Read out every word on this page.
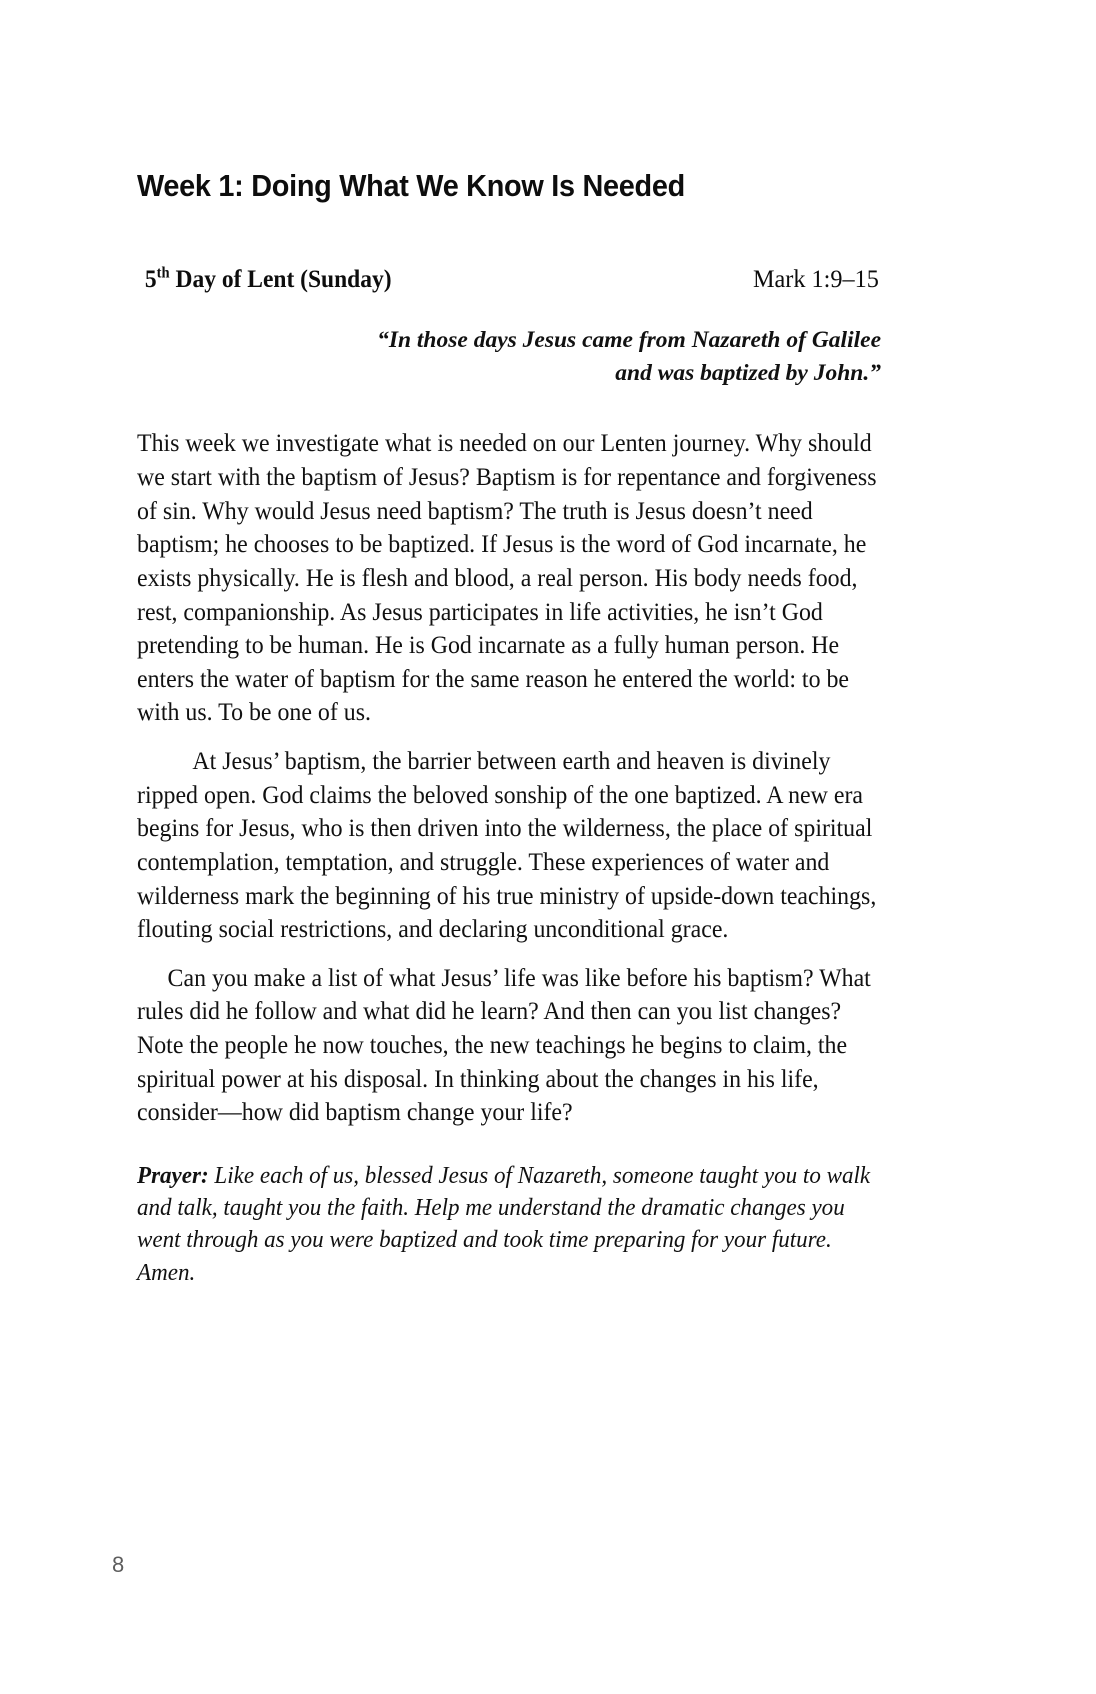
Week 1: Doing What We Know Is Needed
5th Day of Lent (Sunday)	Mark 1:9–15
“In those days Jesus came from Nazareth of Galilee
and was baptized by John.”

This week we investigate what is needed on our Lenten journey. Why should we start with the baptism of Jesus? Baptism is for repentance and forgiveness of sin. Why would Jesus need baptism? The truth is Jesus doesn’t need baptism; he chooses to be baptized. If Jesus is the word of God incarnate, he exists physically. He is flesh and blood, a real person. His body needs food, rest, companionship. As Jesus participates in life activities, he isn’t God pretending to be human. He is God incarnate as a fully human person. He enters the water of baptism for the same reason he entered the world: to be with us. To be one of us.

At Jesus’ baptism, the barrier between earth and heaven is divinely ripped open. God claims the beloved sonship of the one baptized. A new era begins for Jesus, who is then driven into the wilderness, the place of spiritual contemplation, temptation, and struggle. These experiences of water and wilderness mark the beginning of his true ministry of upside-down teachings, flouting social restrictions, and declaring unconditional grace.

Can you make a list of what Jesus’ life was like before his baptism? What rules did he follow and what did he learn? And then can you list changes? Note the people he now touches, the new teachings he begins to claim, the spiritual power at his disposal. In thinking about the changes in his life, consider—how did baptism change your life?

Prayer: Like each of us, blessed Jesus of Nazareth, someone taught you to walk and talk, taught you the faith. Help me understand the dramatic changes you went through as you were baptized and took time preparing for your future. Amen.
8
